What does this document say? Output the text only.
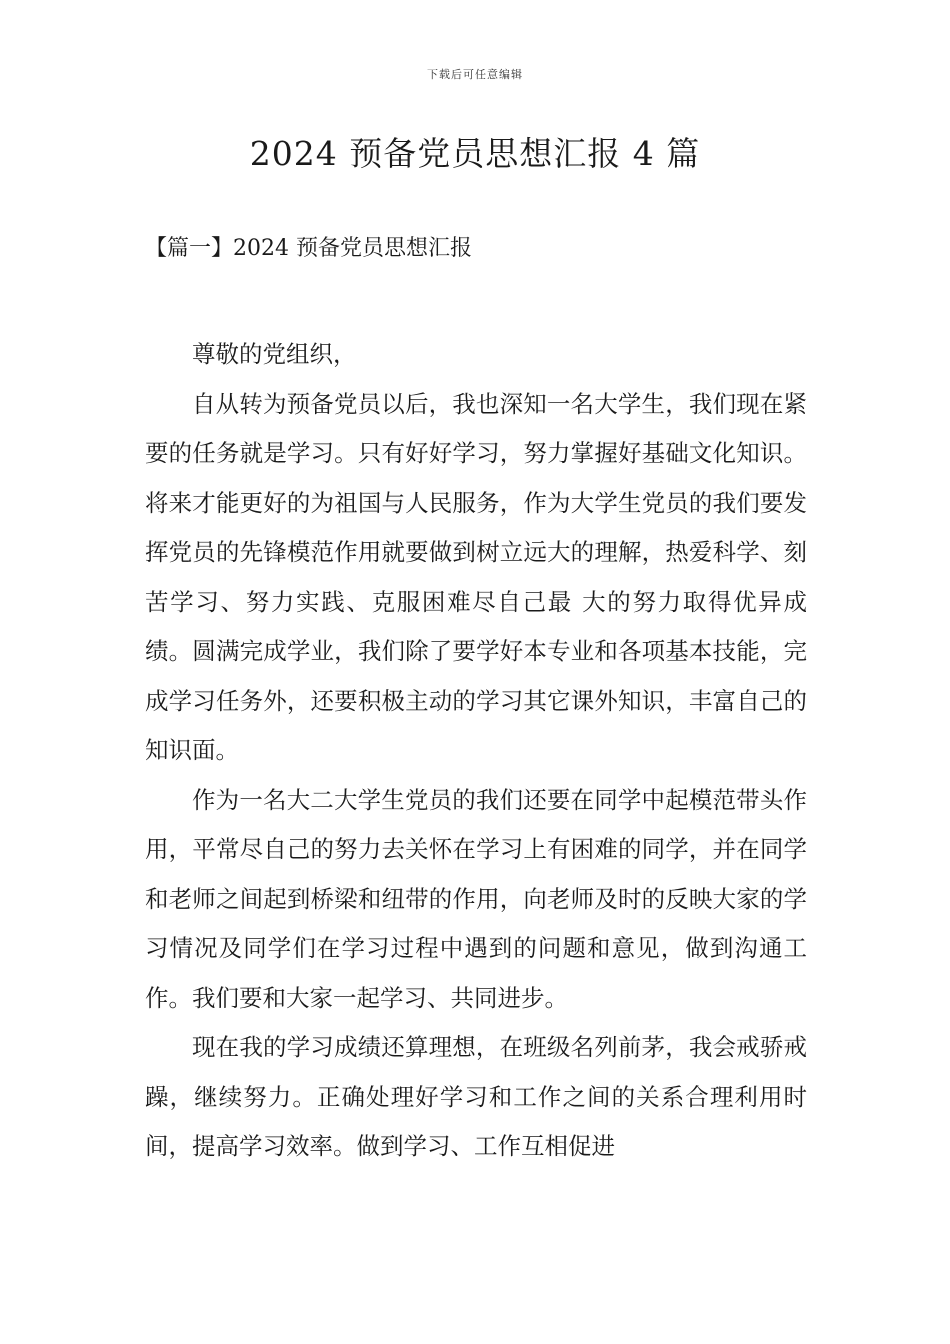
下载后可任意编辑
2024 预备党员思想汇报 4 篇
【篇一】2024 预备党员思想汇报

尊敬的党组织，

自从转为预备党员以后，我也深知一名大学生，我们现在紧要的任务就是学习。只有好好学习，努力掌握好基础文化知识。将来才能更好的为祖国与人民服务，作为大学生党员的我们要发挥党员的先锋模范作用就要做到树立远大的理解，热爱科学、刻苦学习、努力实践、克服困难尽自己最 大的努力取得优异成绩。圆满完成学业，我们除了要学好本专业和各项基本技能，完成学习任务外，还要积极主动的学习其它课外知识，丰富自己的知识面。

作为一名大二大学生党员的我们还要在同学中起模范带头作用，平常尽自己的努力去关怀在学习上有困难的同学，并在同学和老师之间起到桥梁和纽带的作用，向老师及时的反映大家的学习情况及同学们在学习过程中遇到的问题和意见，做到沟通工作。我们要和大家一起学习、共同进步。

现在我的学习成绩还算理想，在班级名列前茅，我会戒骄戒躁，继续努力。正确处理好学习和工作之间的关系合理利用时间，提高学习效率。做到学习、工作互相促进
